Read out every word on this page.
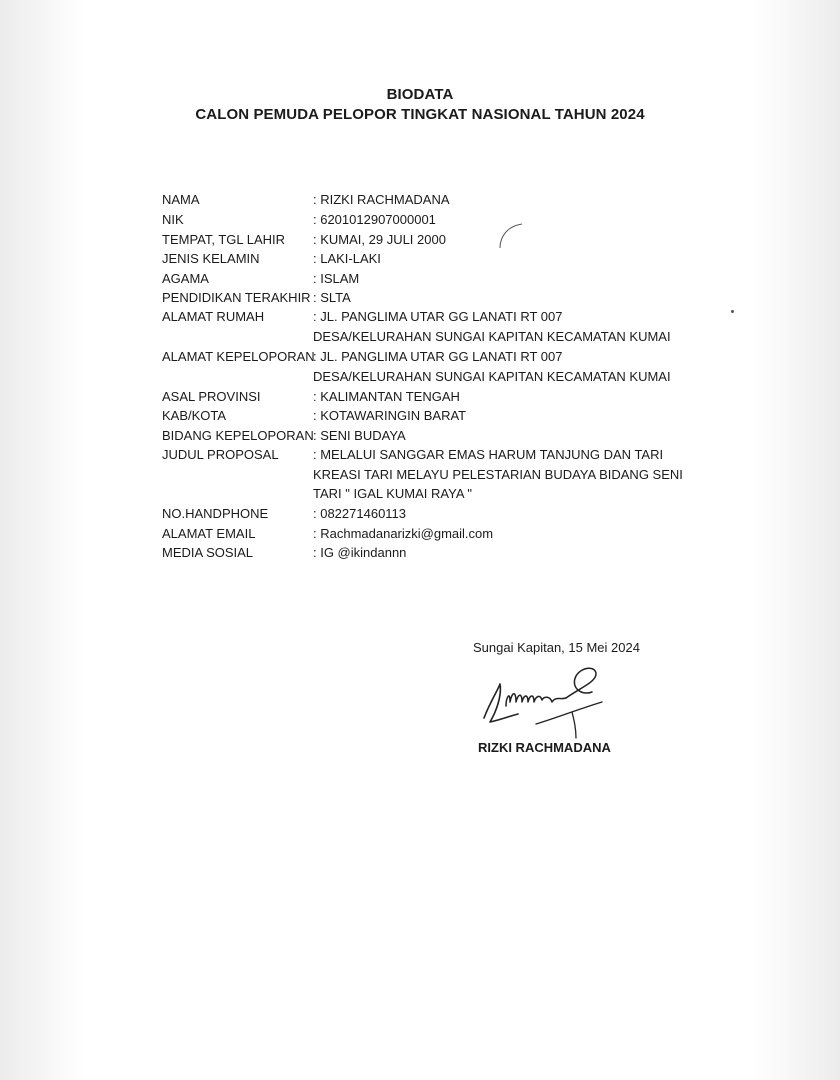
BIODATA
CALON PEMUDA PELOPOR TINGKAT NASIONAL TAHUN 2024
NAMA	: RIZKI RACHMADANA
NIK	: 6201012907000001
TEMPAT, TGL LAHIR	: KUMAI, 29 JULI 2000
JENIS KELAMIN	: LAKI-LAKI
AGAMA	: ISLAM
PENDIDIKAN TERAKHIR : SLTA
ALAMAT RUMAH	: JL. PANGLIMA UTAR GG LANATI RT 007 DESA/KELURAHAN SUNGAI KAPITAN KECAMATAN KUMAI
ALAMAT KEPELOPORAN
: JL. PANGLIMA UTAR GG LANATI RT 007 DESA/KELURAHAN SUNGAI KAPITAN KECAMATAN KUMAI
ASAL PROVINSI	: KALIMANTAN TENGAH
KAB/KOTA	: KOTAWARINGIN BARAT
BIDANG KEPELOPORAN : SENI BUDAYA
JUDUL PROPOSAL	: MELALUI SANGGAR EMAS HARUM TANJUNG DAN TARI KREASI TARI MELAYU PELESTARIAN BUDAYA BIDANG SENI TARI " IGAL KUMAI RAYA "
NO.HANDPHONE	: 082271460113
ALAMAT EMAIL	: Rachmadanarizki@gmail.com
MEDIA SOSIAL	: IG @ikindannn
Sungai Kapitan, 15 Mei 2024
RIZKI RACHMADANA
